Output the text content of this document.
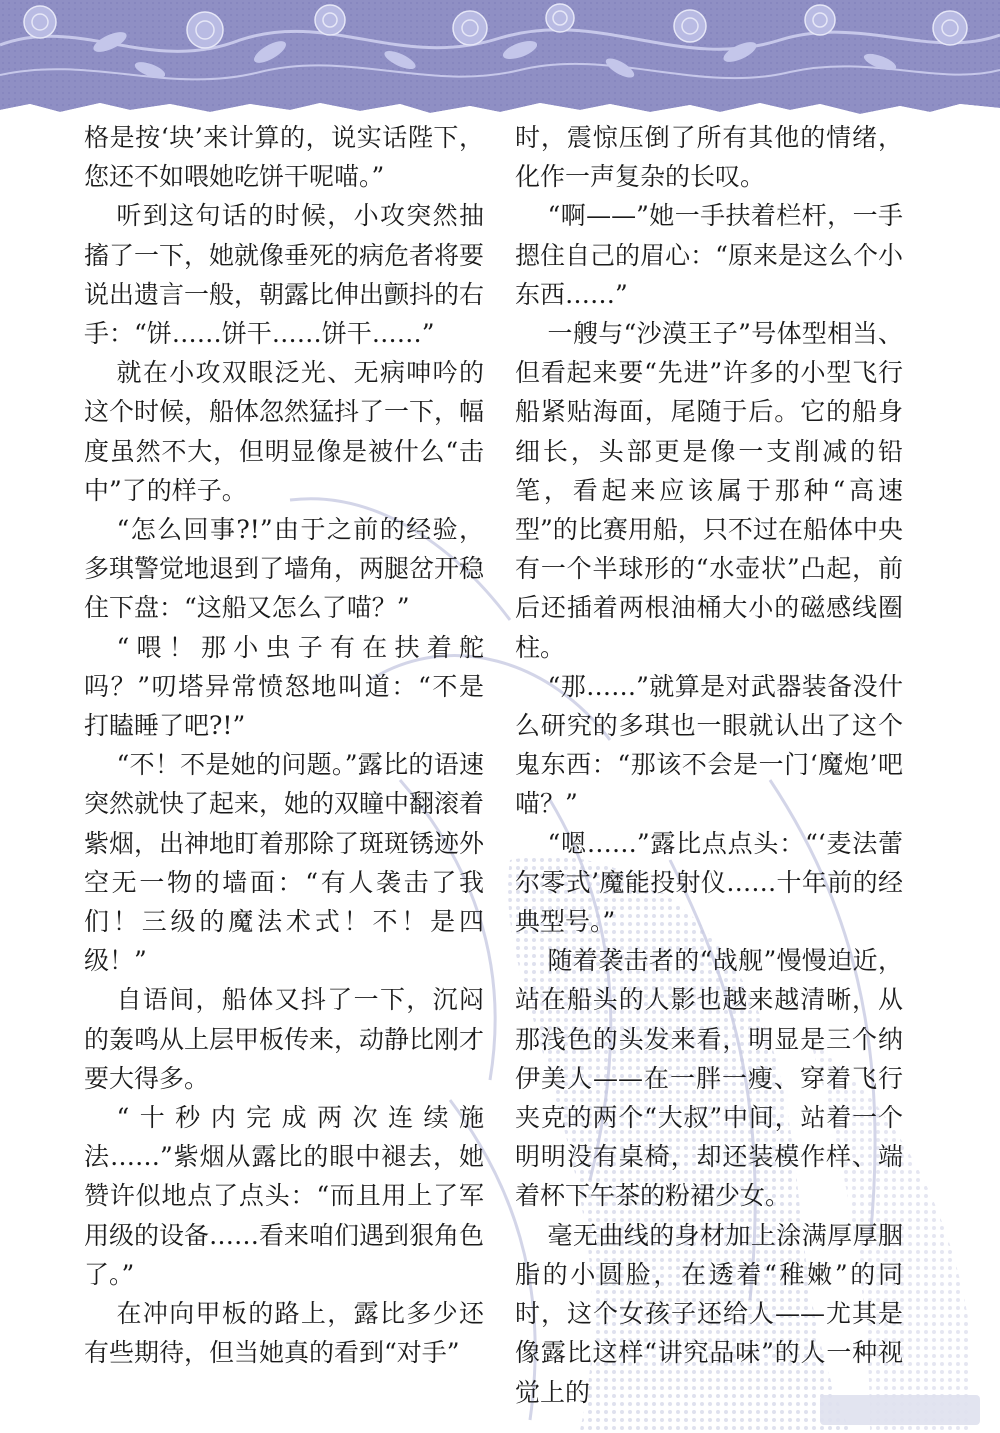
格是按‘块’来计算的，说实话陛下，您还不如喂她吃饼干呢喵。”

听到这句话的时候，小攻突然抽搐了一下，她就像垂死的病危者将要说出遗言一般，朝露比伸出颤抖的右手：“饼……饼干……饼干……”

就在小攻双眼泛光、无病呻吟的这个时候，船体忽然猛抖了一下，幅度虽然不大，但明显像是被什么“击中”了的样子。

“怎么回事?!”由于之前的经验，多琪警觉地退到了墙角，两腿岔开稳住下盘：“这船又怎么了喵？”

“喂！那小虫子有在扶着舵吗？”叨塔异常愤怒地叫道：“不是打瞌睡了吧?!”

“不！不是她的问题。”露比的语速突然就快了起来，她的双瞳中翻滚着紫烟，出神地盯着那除了斑斑锈迹外空无一物的墙面：“有人袭击了我们！三级的魔法术式！不！是四级！”

自语间，船体又抖了一下，沉闷的轰鸣从上层甲板传来，动静比刚才要大得多。

“十秒内完成两次连续施法……”紫烟从露比的眼中褪去，她赞许似地点了点头：“而且用上了军用级的设备……看来咱们遇到狠角色了。”

在冲向甲板的路上，露比多少还有些期待，但当她真的看到“对手”

时，震惊压倒了所有其他的情绪，化作一声复杂的长叹。

“啊——”她一手扶着栏杆，一手摁住自己的眉心：“原来是这么个小东西……”

一艘与“沙漠王子”号体型相当、但看起来要“先进”许多的小型飞行船紧贴海面，尾随于后。它的船身细长，头部更是像一支削减的铅笔，看起来应该属于那种“高速型”的比赛用船，只不过在船体中央有一个半球形的“水壶状”凸起，前后还插着两根油桶大小的磁感线圈柱。

“那……”就算是对武器装备没什么研究的多琪也一眼就认出了这个鬼东西：“那该不会是一门‘魔炮’吧喵？”

“嗯……”露比点点头：“‘麦法蕾尔零式’魔能投射仪……十年前的经典型号。”

随着袭击者的“战舰”慢慢迫近，站在船头的人影也越来越清晰，从那浅色的头发来看，明显是三个纳伊美人——在一胖一瘦、穿着飞行夹克的两个“大叔”中间，站着一个明明没有桌椅，却还装模作样、端着杯下午茶的粉裙少女。

毫无曲线的身材加上涂满厚厚胭脂的小圆脸，在透着“稚嫩”的同时，这个女孩子还给人——尤其是像露比这样“讲究品味”的人一种视觉上的
